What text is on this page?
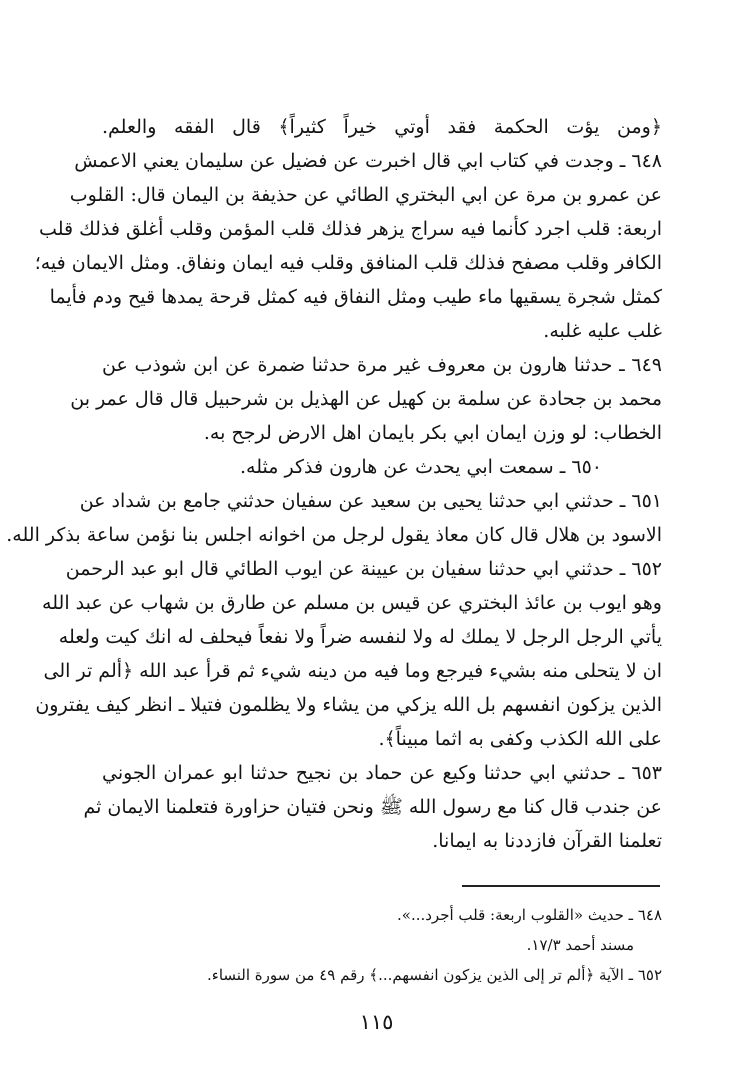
﴿ومن يؤت الحكمة فقد أوتي خيراً كثيراً﴾ قال الفقه والعلم.
٦٤٨ ـ وجدت في كتاب ابي قال اخبرت عن فضيل عن سليمان يعني الاعمش
عن عمرو بن مرة عن ابي البختري الطائي عن حذيفة بن اليمان قال: القلوب
اربعة: قلب اجرد كأنما فيه سراج يزهر فذلك قلب المؤمن وقلب أغلق فذلك قلب
الكافر وقلب مصفح فذلك قلب المنافق وقلب فيه ايمان ونفاق. ومثل الايمان فيه؛
كمثل شجرة يسقيها ماء طيب ومثل النفاق فيه كمثل قرحة يمدها قيح ودم فأيما
غلب عليه غلبه.
٦٤٩ ـ حدثنا هارون بن معروف غير مرة حدثنا ضمرة عن ابن شوذب عن
محمد بن جحادة عن سلمة بن كهيل عن الهذيل بن شرحبيل قال قال عمر بن
الخطاب: لو وزن ايمان ابي بكر بايمان اهل الارض لرجح به.
٦٥٠ ـ سمعت ابي يحدث عن هارون فذكر مثله.
٦٥١ ـ حدثني ابي حدثنا يحيى بن سعيد عن سفيان حدثني جامع بن شداد عن
الاسود بن هلال قال كان معاذ يقول لرجل من اخوانه اجلس بنا نؤمن ساعة بذكر الله.
٦٥٢ ـ حدثني ابي حدثنا سفيان بن عيينة عن ايوب الطائي قال ابو عبد الرحمن
وهو ايوب بن عائذ البختري عن قيس بن مسلم عن طارق بن شهاب عن عبد الله
يأتي الرجل الرجل لا يملك له ولا لنفسه ضراً ولا نفعاً فيحلف له انك كيت ولعله
ان لا يتحلى منه بشيء فيرجع وما فيه من دينه شيء ثم قرأ عبد الله ﴿ألم تر الى
الذين يزكون انفسهم بل الله يزكي من يشاء ولا يظلمون فتيلا ـ انظر كيف يفترون
على الله الكذب وكفى به اثما مبيناً﴾.
٦٥٣ ـ حدثني ابي حدثنا وكيع عن حماد بن نجيح حدثنا ابو عمران الجوني
عن جندب قال كنا مع رسول الله ﷺ ونحن فتيان حزاورة فتعلمنا الايمان ثم
تعلمنا القرآن فازددنا به ايمانا.
٦٤٨ ـ حديث «القلوب اربعة: قلب أجرد...».
مسند أحمد ١٧/٣.
٦٥٢ ـ الآية ﴿ألم تر إلى الذين يزكون انفسهم...﴾ رقم ٤٩ من سورة النساء.
١١٥
